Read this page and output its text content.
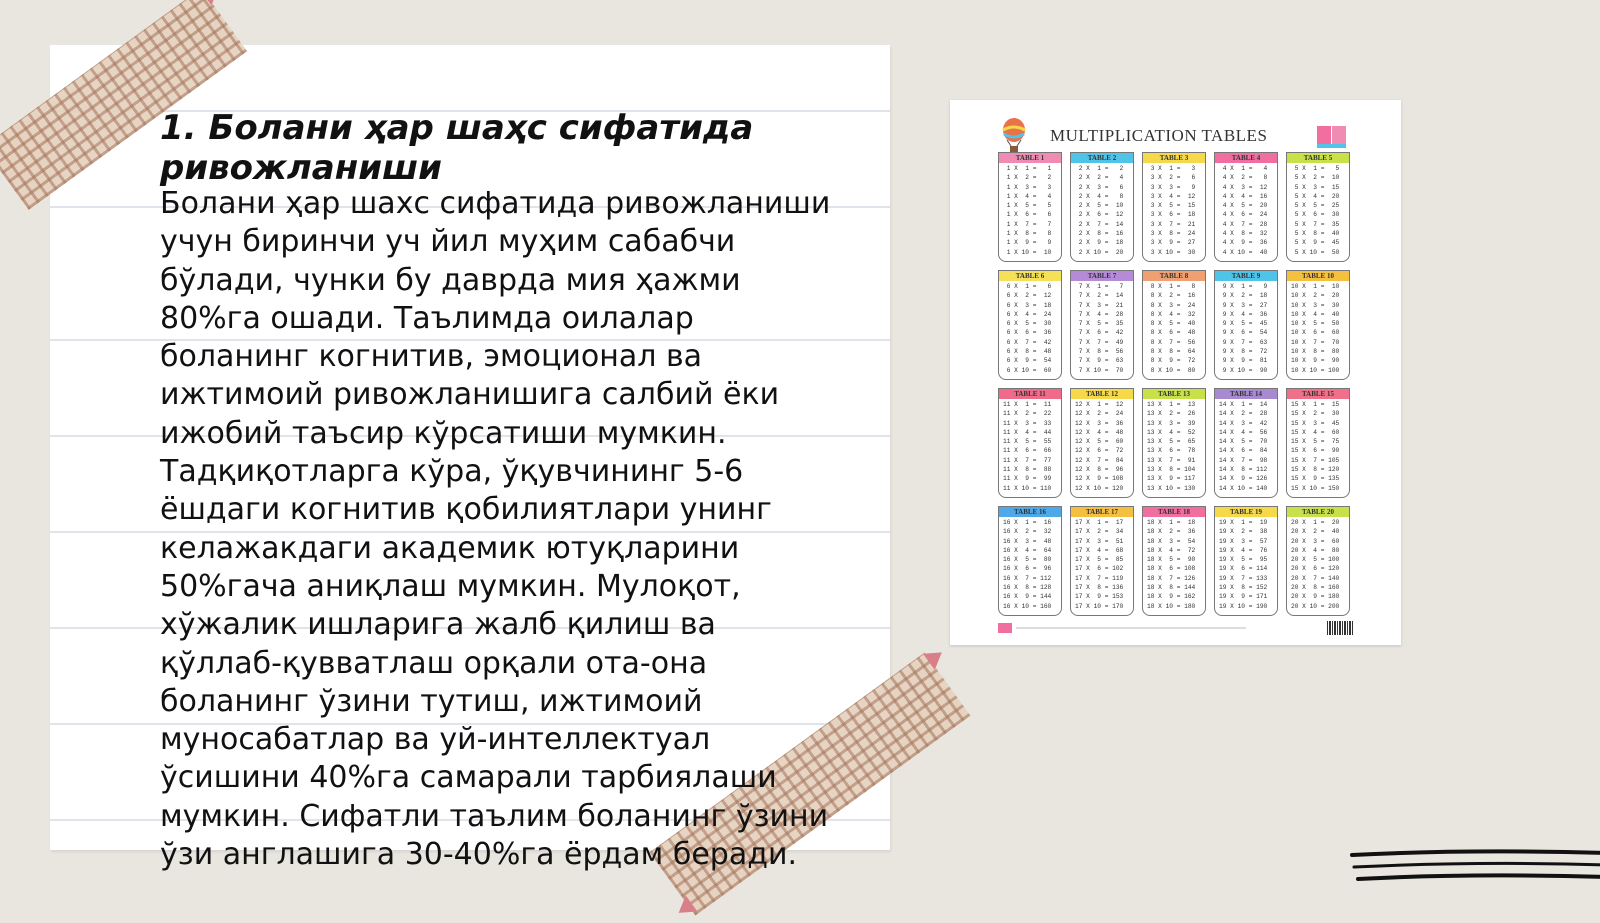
1. Болани ҳар шаҳс сифатида ривожланиши

Болани ҳар шахс сифатида ривожланиши учун биринчи уч йил муҳим сабабчи бўлади, чунки бу даврда мия ҳажми 80%га ошади. Таълимда оилалар боланинг когнитив, эмоционал ва ижтимоий ривожланишига салбий ёки ижобий таъсир кўрсатиши мумкин. Тадқиқотларга кўра, ўқувчининг 5-6 ёшдаги когнитив қобилиятлари унинг келажакдаги академик ютуқларини 50%гача аниқлаш мумкин. Мулоқот, хўжалик ишларига жалб қилиш ва қўллаб-қувватлаш орқали ота-она боланинг ўзини тутиш, ижтимоий муносабатлар ва уй-интеллектуал ўсишини 40%га самарали тарбиялаши мумкин. Сифатли таълим боланинг ўзини ўзи англашига 30-40%га ёрдам беради.

MULTIPLICATION TABLES
TABLE 1
1 X  1 =   1
1 X  2 =   2
1 X  3 =   3
1 X  4 =   4
1 X  5 =   5
1 X  6 =   6
1 X  7 =   7
1 X  8 =   8
1 X  9 =   9
1 X 10 =  10
TABLE 2
2 X  1 =   2
2 X  2 =   4
2 X  3 =   6
2 X  4 =   8
2 X  5 =  10
2 X  6 =  12
2 X  7 =  14
2 X  8 =  16
2 X  9 =  18
2 X 10 =  20
TABLE 3
3 X  1 =   3
3 X  2 =   6
3 X  3 =   9
3 X  4 =  12
3 X  5 =  15
3 X  6 =  18
3 X  7 =  21
3 X  8 =  24
3 X  9 =  27
3 X 10 =  30
TABLE 4
4 X  1 =   4
4 X  2 =   8
4 X  3 =  12
4 X  4 =  16
4 X  5 =  20
4 X  6 =  24
4 X  7 =  28
4 X  8 =  32
4 X  9 =  36
4 X 10 =  40
TABLE 5
5 X  1 =   5
5 X  2 =  10
5 X  3 =  15
5 X  4 =  20
5 X  5 =  25
5 X  6 =  30
5 X  7 =  35
5 X  8 =  40
5 X  9 =  45
5 X 10 =  50
TABLE 6
6 X  1 =   6
6 X  2 =  12
6 X  3 =  18
6 X  4 =  24
6 X  5 =  30
6 X  6 =  36
6 X  7 =  42
6 X  8 =  48
6 X  9 =  54
6 X 10 =  60
TABLE 7
7 X  1 =   7
7 X  2 =  14
7 X  3 =  21
7 X  4 =  28
7 X  5 =  35
7 X  6 =  42
7 X  7 =  49
7 X  8 =  56
7 X  9 =  63
7 X 10 =  70
TABLE 8
8 X  1 =   8
8 X  2 =  16
8 X  3 =  24
8 X  4 =  32
8 X  5 =  40
8 X  6 =  48
8 X  7 =  56
8 X  8 =  64
8 X  9 =  72
8 X 10 =  80
TABLE 9
9 X  1 =   9
9 X  2 =  18
9 X  3 =  27
9 X  4 =  36
9 X  5 =  45
9 X  6 =  54
9 X  7 =  63
9 X  8 =  72
9 X  9 =  81
9 X 10 =  90
TABLE 10
10 X  1 =  10
10 X  2 =  20
10 X  3 =  30
10 X  4 =  40
10 X  5 =  50
10 X  6 =  60
10 X  7 =  70
10 X  8 =  80
10 X  9 =  90
10 X 10 = 100
TABLE 11
11 X  1 =  11
11 X  2 =  22
11 X  3 =  33
11 X  4 =  44
11 X  5 =  55
11 X  6 =  66
11 X  7 =  77
11 X  8 =  88
11 X  9 =  99
11 X 10 = 110
TABLE 12
12 X  1 =  12
12 X  2 =  24
12 X  3 =  36
12 X  4 =  48
12 X  5 =  60
12 X  6 =  72
12 X  7 =  84
12 X  8 =  96
12 X  9 = 108
12 X 10 = 120
TABLE 13
13 X  1 =  13
13 X  2 =  26
13 X  3 =  39
13 X  4 =  52
13 X  5 =  65
13 X  6 =  78
13 X  7 =  91
13 X  8 = 104
13 X  9 = 117
13 X 10 = 130
TABLE 14
14 X  1 =  14
14 X  2 =  28
14 X  3 =  42
14 X  4 =  56
14 X  5 =  70
14 X  6 =  84
14 X  7 =  98
14 X  8 = 112
14 X  9 = 126
14 X 10 = 140
TABLE 15
15 X  1 =  15
15 X  2 =  30
15 X  3 =  45
15 X  4 =  60
15 X  5 =  75
15 X  6 =  90
15 X  7 = 105
15 X  8 = 120
15 X  9 = 135
15 X 10 = 150
TABLE 16
16 X  1 =  16
16 X  2 =  32
16 X  3 =  48
16 X  4 =  64
16 X  5 =  80
16 X  6 =  96
16 X  7 = 112
16 X  8 = 128
16 X  9 = 144
16 X 10 = 160
TABLE 17
17 X  1 =  17
17 X  2 =  34
17 X  3 =  51
17 X  4 =  68
17 X  5 =  85
17 X  6 = 102
17 X  7 = 119
17 X  8 = 136
17 X  9 = 153
17 X 10 = 170
TABLE 18
18 X  1 =  18
18 X  2 =  36
18 X  3 =  54
18 X  4 =  72
18 X  5 =  90
18 X  6 = 108
18 X  7 = 126
18 X  8 = 144
18 X  9 = 162
18 X 10 = 180
TABLE 19
19 X  1 =  19
19 X  2 =  38
19 X  3 =  57
19 X  4 =  76
19 X  5 =  95
19 X  6 = 114
19 X  7 = 133
19 X  8 = 152
19 X  9 = 171
19 X 10 = 190
TABLE 20
20 X  1 =  20
20 X  2 =  40
20 X  3 =  60
20 X  4 =  80
20 X  5 = 100
20 X  6 = 120
20 X  7 = 140
20 X  8 = 160
20 X  9 = 180
20 X 10 = 200
